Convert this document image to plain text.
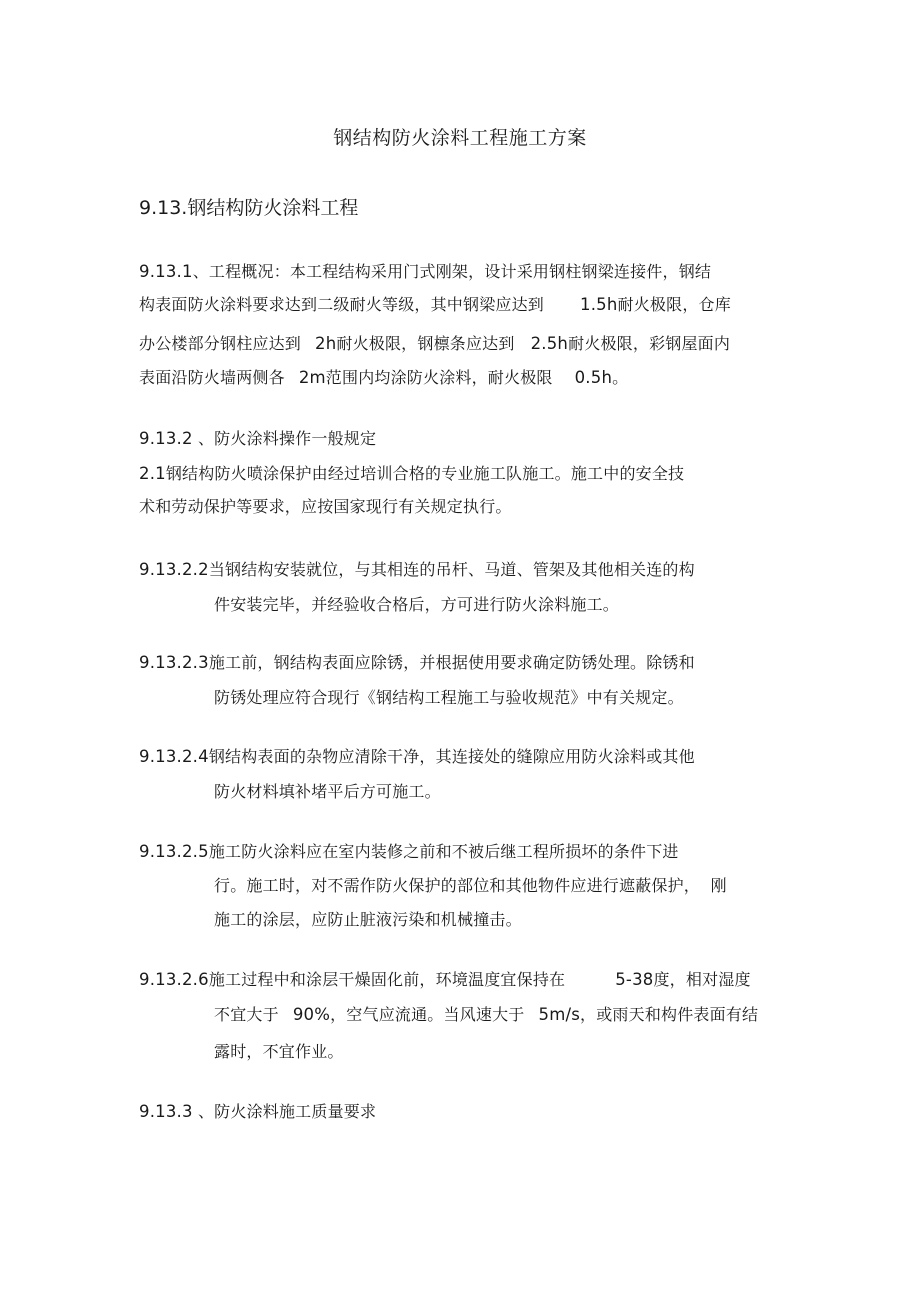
钢结构防火涂料工程施工方案
9.13.钢结构防火涂料工程
9.13.1、工程概况：本工程结构采用门式刚架，设计采用钢柱钢梁连接件，钢结
构表面防火涂料要求达到二级耐火等级，其中钢梁应达到 1.5h耐火极限，仓库
办公楼部分钢柱应达到 2h耐火极限，钢檩条应达到 2.5h耐火极限，彩钢屋面内
表面沿防火墙两侧各 2m范围内均涂防火涂料，耐火极限 0.5h。
9.13.2 、防火涂料操作一般规定
2.1钢结构防火喷涂保护由经过培训合格的专业施工队施工。施工中的安全技
术和劳动保护等要求，应按国家现行有关规定执行。
9.13.2.2当钢结构安装就位，与其相连的吊杆、马道、管架及其他相关连的构
件安装完毕，并经验收合格后，方可进行防火涂料施工。
9.13.2.3施工前，钢结构表面应除锈，并根据使用要求确定防锈处理。除锈和
防锈处理应符合现行《钢结构工程施工与验收规范》中有关规定。
9.13.2.4钢结构表面的杂物应清除干净，其连接处的缝隙应用防火涂料或其他
防火材料填补堵平后方可施工。
9.13.2.5施工防火涂料应在室内装修之前和不被后继工程所损坏的条件下进
行。施工时，对不需作防火保护的部位和其他物件应进行遮蔽保护，  刚
施工的涂层，应防止脏液污染和机械撞击。
9.13.2.6施工过程中和涂层干燥固化前，环境温度宜保持在	5-38度，相对湿度
不宜大于 90%，空气应流通。当风速大于 5m/s，或雨天和构件表面有结
露时，不宜作业。
9.13.3 、防火涂料施工质量要求
